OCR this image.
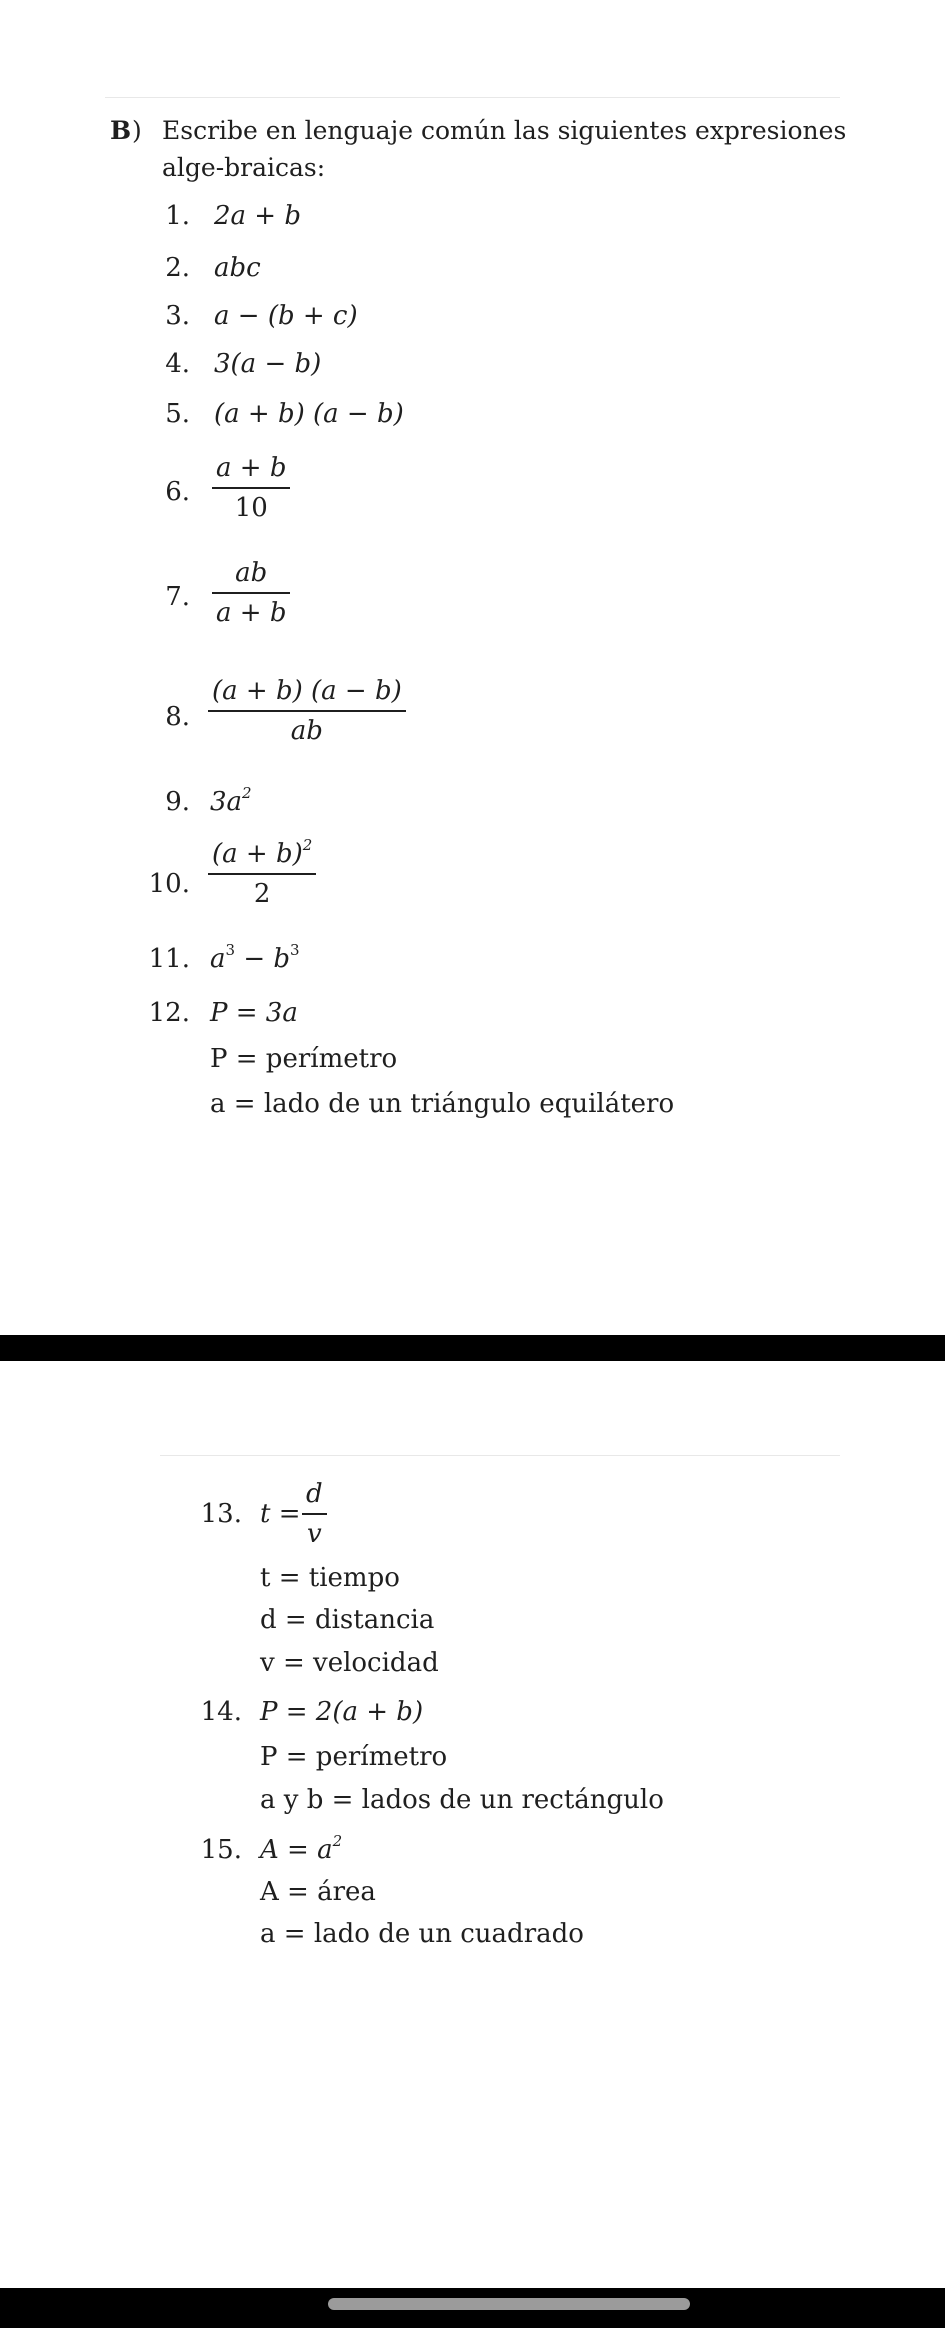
B ) Escribe en lenguaje común las siguientes expresiones alge-braicas:
1. 2a + b
2. abc
3. a − (b + c)
4. 3(a − b)
5. (a + b) (a − b)
6.
a + b
10
7.
ab
a + b
8.
(a + b) (a − b)
ab
9. $3a^2$
10.
$(a + b)^2$
2
11. $a^3 - b^3$
12. P = 3a
P = perímetro
a = lado de un triángulo equilátero
13. t =
d
v
t = tiempo
d = distancia
v = velocidad
14. P = 2(a + b)
P = perímetro
a y b = lados de un rectángulo
15. $A = a^2$
A = área
a = lado de un cuadrado
